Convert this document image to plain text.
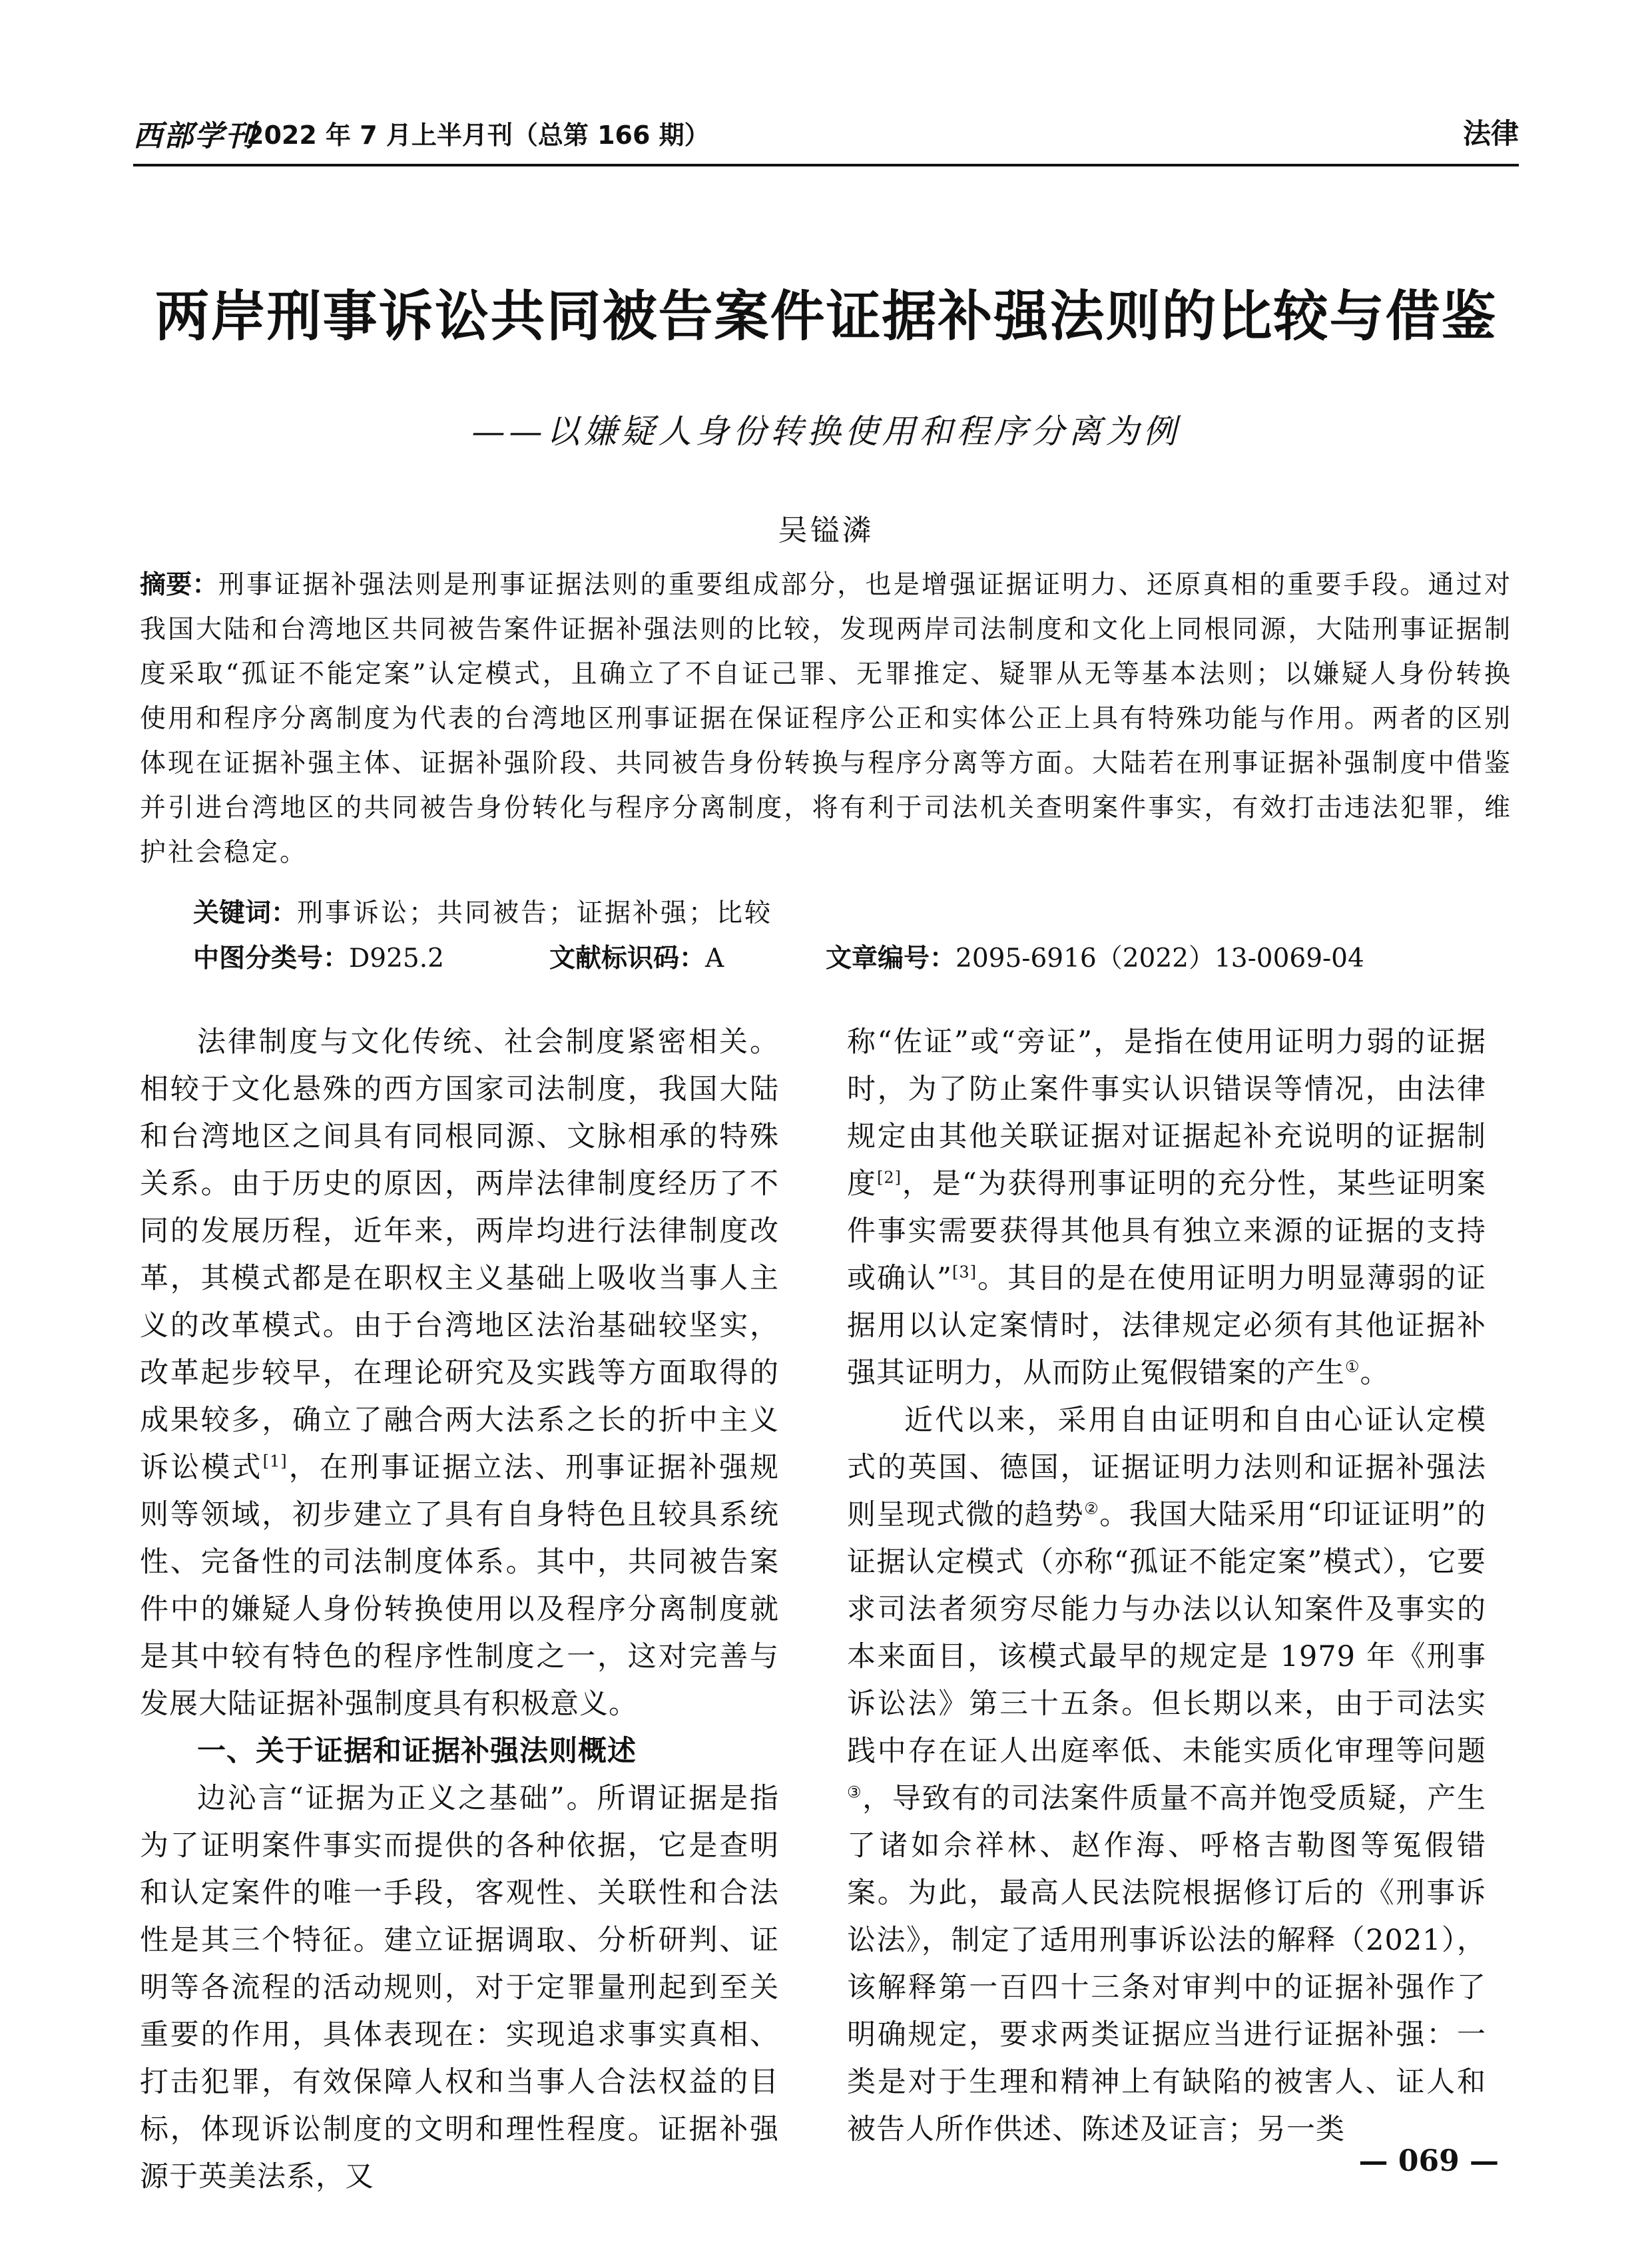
西部学刊
2022 年 7 月上半月刊（总第 166 期）	法律
两岸刑事诉讼共同被告案件证据补强法则的比较与借鉴
——以嫌疑人身份转换使用和程序分离为例
吴镒潾
摘要：刑事证据补强法则是刑事证据法则的重要组成部分，也是增强证据证明力、还原真相的重要手段。通过对我国大陆和台湾地区共同被告案件证据补强法则的比较，发现两岸司法制度和文化上同根同源，大陆刑事证据制度采取“孤证不能定案”认定模式，且确立了不自证己罪、无罪推定、疑罪从无等基本法则；以嫌疑人身份转换使用和程序分离制度为代表的台湾地区刑事证据在保证程序公正和实体公正上具有特殊功能与作用。两者的区别体现在证据补强主体、证据补强阶段、共同被告身份转换与程序分离等方面。大陆若在刑事证据补强制度中借鉴并引进台湾地区的共同被告身份转化与程序分离制度，将有利于司法机关查明案件事实，有效打击违法犯罪，维护社会稳定。
关键词：刑事诉讼；共同被告；证据补强；比较
中图分类号：D925.2	文献标识码：A	文章编号：2095-6916（2022）13-0069-04

法律制度与文化传统、社会制度紧密相关。相较于文化悬殊的西方国家司法制度，我国大陆和台湾地区之间具有同根同源、文脉相承的特殊关系。由于历史的原因，两岸法律制度经历了不同的发展历程，近年来，两岸均进行法律制度改革，其模式都是在职权主义基础上吸收当事人主义的改革模式。由于台湾地区法治基础较坚实，改革起步较早，在理论研究及实践等方面取得的成果较多，确立了融合两大法系之长的折中主义诉讼模式[1]，在刑事证据立法、刑事证据补强规则等领域，初步建立了具有自身特色且较具系统性、完备性的司法制度体系。其中，共同被告案件中的嫌疑人身份转换使用以及程序分离制度就是其中较有特色的程序性制度之一，这对完善与发展大陆证据补强制度具有积极意义。

一、关于证据和证据补强法则概述

边沁言“证据为正义之基础”。所谓证据是指为了证明案件事实而提供的各种依据，它是查明和认定案件的唯一手段，客观性、关联性和合法性是其三个特征。建立证据调取、分析研判、证明等各流程的活动规则，对于定罪量刑起到至关重要的作用，具体表现在：实现追求事实真相、打击犯罪，有效保障人权和当事人合法权益的目标，体现诉讼制度的文明和理性程度。证据补强源于英美法系，又

称“佐证”或“旁证”，是指在使用证明力弱的证据时，为了防止案件事实认识错误等情况，由法律规定由其他关联证据对证据起补充说明的证据制度[2]，是“为获得刑事证明的充分性，某些证明案件事实需要获得其他具有独立来源的证据的支持或确认”[3]。其目的是在使用证明力明显薄弱的证据用以认定案情时，法律规定必须有其他证据补强其证明力，从而防止冤假错案的产生①。

近代以来，采用自由证明和自由心证认定模式的英国、德国，证据证明力法则和证据补强法则呈现式微的趋势②。我国大陆采用“印证证明”的证据认定模式（亦称“孤证不能定案”模式），它要求司法者须穷尽能力与办法以认知案件及事实的本来面目，该模式最早的规定是 1979 年《刑事诉讼法》第三十五条。但长期以来，由于司法实践中存在证人出庭率低、未能实质化审理等问题③，导致有的司法案件质量不高并饱受质疑，产生了诸如佘祥林、赵作海、呼格吉勒图等冤假错案。为此，最高人民法院根据修订后的《刑事诉讼法》，制定了适用刑事诉讼法的解释（2021），该解释第一百四十三条对审判中的证据补强作了明确规定，要求两类证据应当进行证据补强：一类是对于生理和精神上有缺陷的被害人、证人和被告人所作供述、陈述及证言；另一类

— 069 —
